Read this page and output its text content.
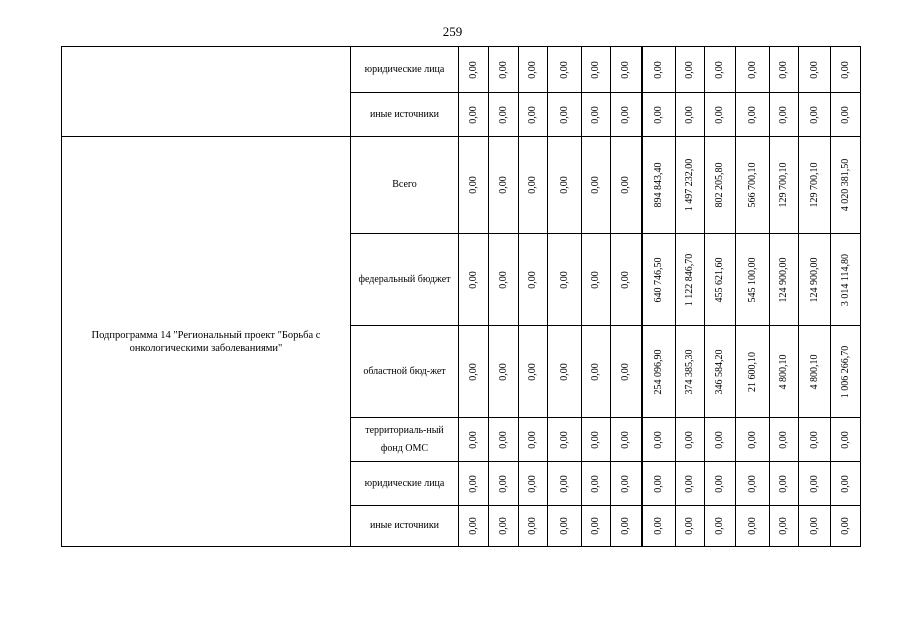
259
	юридические лица	0,00	0,00	0,00	0,00	0,00	0,00	0,00	0,00	0,00	0,00	0,00	0,00	0,00

	иные источники	0,00	0,00	0,00	0,00	0,00	0,00	0,00	0,00	0,00	0,00	0,00	0,00	0,00

Подпрограмма 14 "Региональный проект "Борьба с онкологическими заболеваниями"	Всего	0,00	0,00	0,00	0,00	0,00	0,00	894 843,40	1 497 232,00	802 205,80	566 700,10	129 700,10	129 700,10	4 020 381,50

	федеральный бюджет	0,00	0,00	0,00	0,00	0,00	0,00	640 746,50	1 122 846,70	455 621,60	545 100,00	124 900,00	124 900,00	3 014 114,80

	областной бюд-жет	0,00	0,00	0,00	0,00	0,00	0,00	254 096,90	374 385,30	346 584,20	21 600,10	4 800,10	4 800,10	1 006 266,70

	территориаль-ный фонд ОМС	0,00	0,00	0,00	0,00	0,00	0,00	0,00	0,00	0,00	0,00	0,00	0,00	0,00

	юридические лица	0,00	0,00	0,00	0,00	0,00	0,00	0,00	0,00	0,00	0,00	0,00	0,00	0,00

	иные источники	0,00	0,00	0,00	0,00	0,00	0,00	0,00	0,00	0,00	0,00	0,00	0,00	0,00
